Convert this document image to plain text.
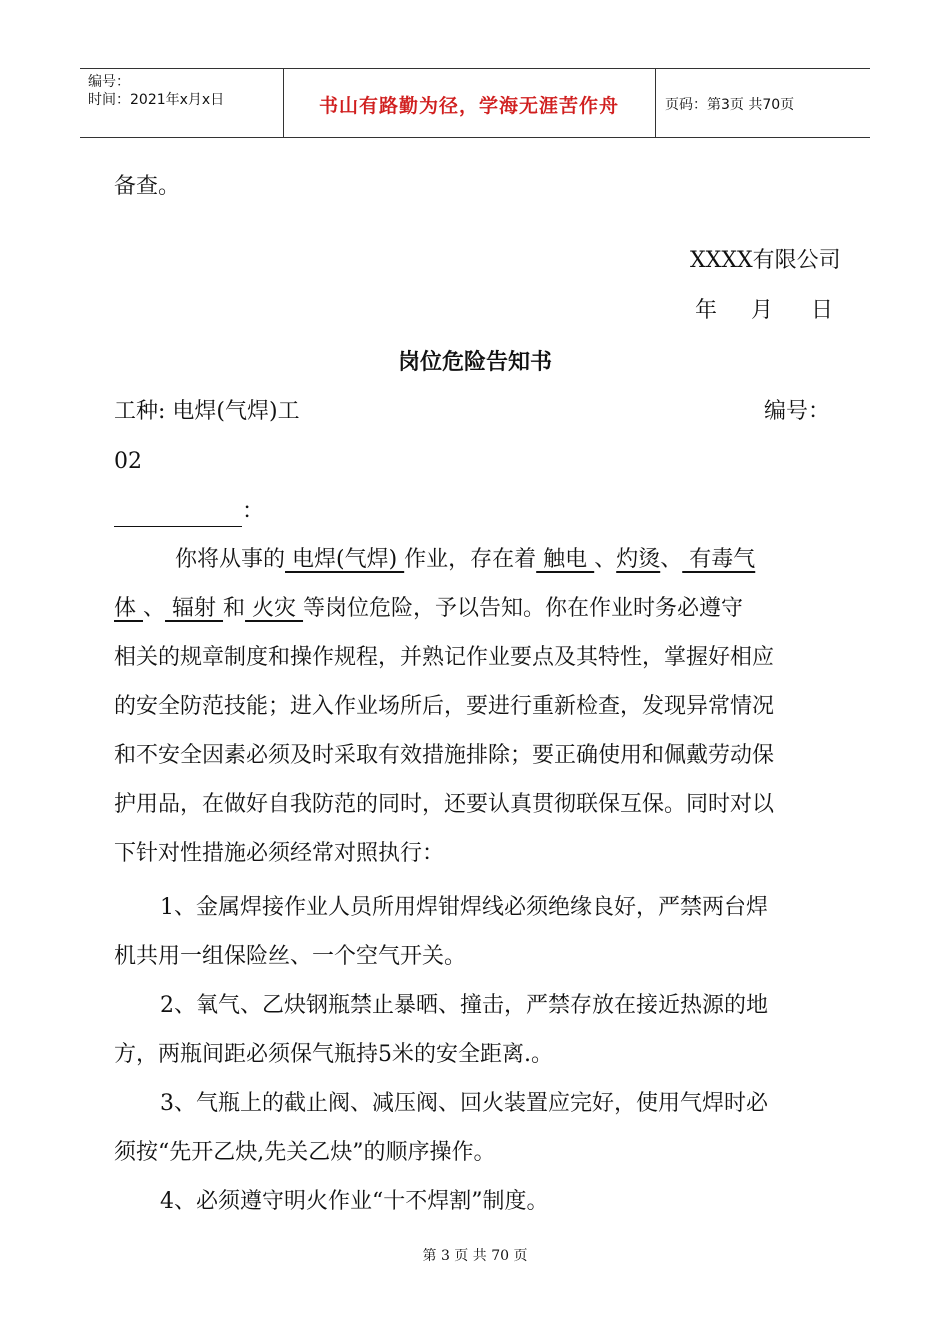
编号：
时间：2021年x月x日	书山有路勤为径，学海无涯苦作舟	页码：第3页 共70页
备查。
XXXX有限公司
年 月 日
岗位危险告知书
工种: 电焊(气焊)工	编号：
02
：
你将从事的 电焊(气焊) 作业，存在着 触电 、灼烫、 有毒气
体 、 辐射 和 火灾 等岗位危险，予以告知。你在作业时务必遵守
相关的规章制度和操作规程，并熟记作业要点及其特性，掌握好相应
的安全防范技能；进入作业场所后，要进行重新检查，发现异常情况
和不安全因素必须及时采取有效措施排除；要正确使用和佩戴劳动保
护用品，在做好自我防范的同时，还要认真贯彻联保互保。同时对以
下针对性措施必须经常对照执行：
1、金属焊接作业人员所用焊钳焊线必须绝缘良好，严禁两台焊
机共用一组保险丝、一个空气开关。
2、氧气、乙炔钢瓶禁止暴晒、撞击，严禁存放在接近热源的地
方，两瓶间距必须保气瓶持5米的安全距离.。
3、气瓶上的截止阀、减压阀、回火装置应完好，使用气焊时必
须按“先开乙炔,先关乙炔”的顺序操作。
4、必须遵守明火作业“十不焊割”制度。
第 3 页 共 70 页
